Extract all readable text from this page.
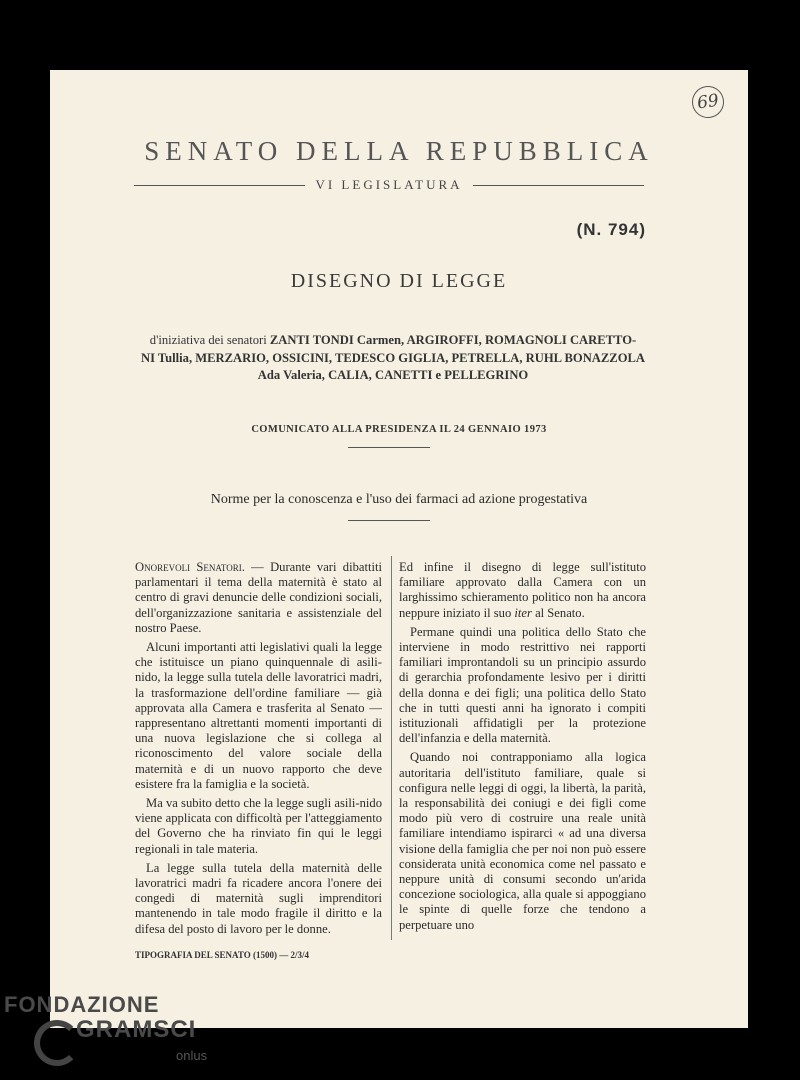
69
SENATO DELLA REPUBBLICA
VI LEGISLATURA
(N. 794)
DISEGNO DI LEGGE
d'iniziativa dei senatori ZANTI TONDI Carmen, ARGIROFFI, ROMAGNOLI CARETTO-
NI Tullia, MERZARIO, OSSICINI, TEDESCO GIGLIA, PETRELLA, RUHL BONAZZOLA
Ada Valeria, CALIA, CANETTI e PELLEGRINO
COMUNICATO ALLA PRESIDENZA IL 24 GENNAIO 1973
Norme per la conoscenza e l'uso dei farmaci ad azione progestativa

Onorevoli Senatori. — Durante vari dibattiti parlamentari il tema della maternità è stato al centro di gravi denuncie delle condizioni sociali, dell'organizzazione sanitaria e assistenziale del nostro Paese.

Alcuni importanti atti legislativi quali la legge che istituisce un piano quinquennale di asili-nido, la legge sulla tutela delle lavoratrici madri, la trasformazione dell'ordine familiare — già approvata alla Camera e trasferita al Senato — rappresentano altrettanti momenti importanti di una nuova legislazione che si collega al riconoscimento del valore sociale della maternità e di un nuovo rapporto che deve esistere fra la famiglia e la società.

Ma va subito detto che la legge sugli asili-nido viene applicata con difficoltà per l'atteggiamento del Governo che ha rinviato fin qui le leggi regionali in tale materia.

La legge sulla tutela della maternità delle lavoratrici madri fa ricadere ancora l'onere dei congedi di maternità sugli imprenditori mantenendo in tale modo fragile il diritto e la difesa del posto di lavoro per le donne.

Ed infine il disegno di legge sull'istituto familiare approvato dalla Camera con un larghissimo schieramento politico non ha ancora neppure iniziato il suo iter al Senato.

Permane quindi una politica dello Stato che interviene in modo restrittivo nei rapporti familiari improntandoli su un principio assurdo di gerarchia profondamente lesivo per i diritti della donna e dei figli; una politica dello Stato che in tutti questi anni ha ignorato i compiti istituzionali affidatigli per la protezione dell'infanzia e della maternità.

Quando noi contrapponiamo alla logica autoritaria dell'istituto familiare, quale si configura nelle leggi di oggi, la libertà, la parità, la responsabilità dei coniugi e dei figli come modo più vero di costruire una reale unità familiare intendiamo ispirarci « ad una diversa visione della famiglia che per noi non può essere considerata unità economica come nel passato e neppure unità di consumi secondo un'arida concezione sociologica, alla quale si appoggiano le spinte di quelle forze che tendono a perpetuare uno

TIPOGRAFIA DEL SENATO (1500) — 2/3/4
FONDAZIONE
GRAMSCI
onlus
